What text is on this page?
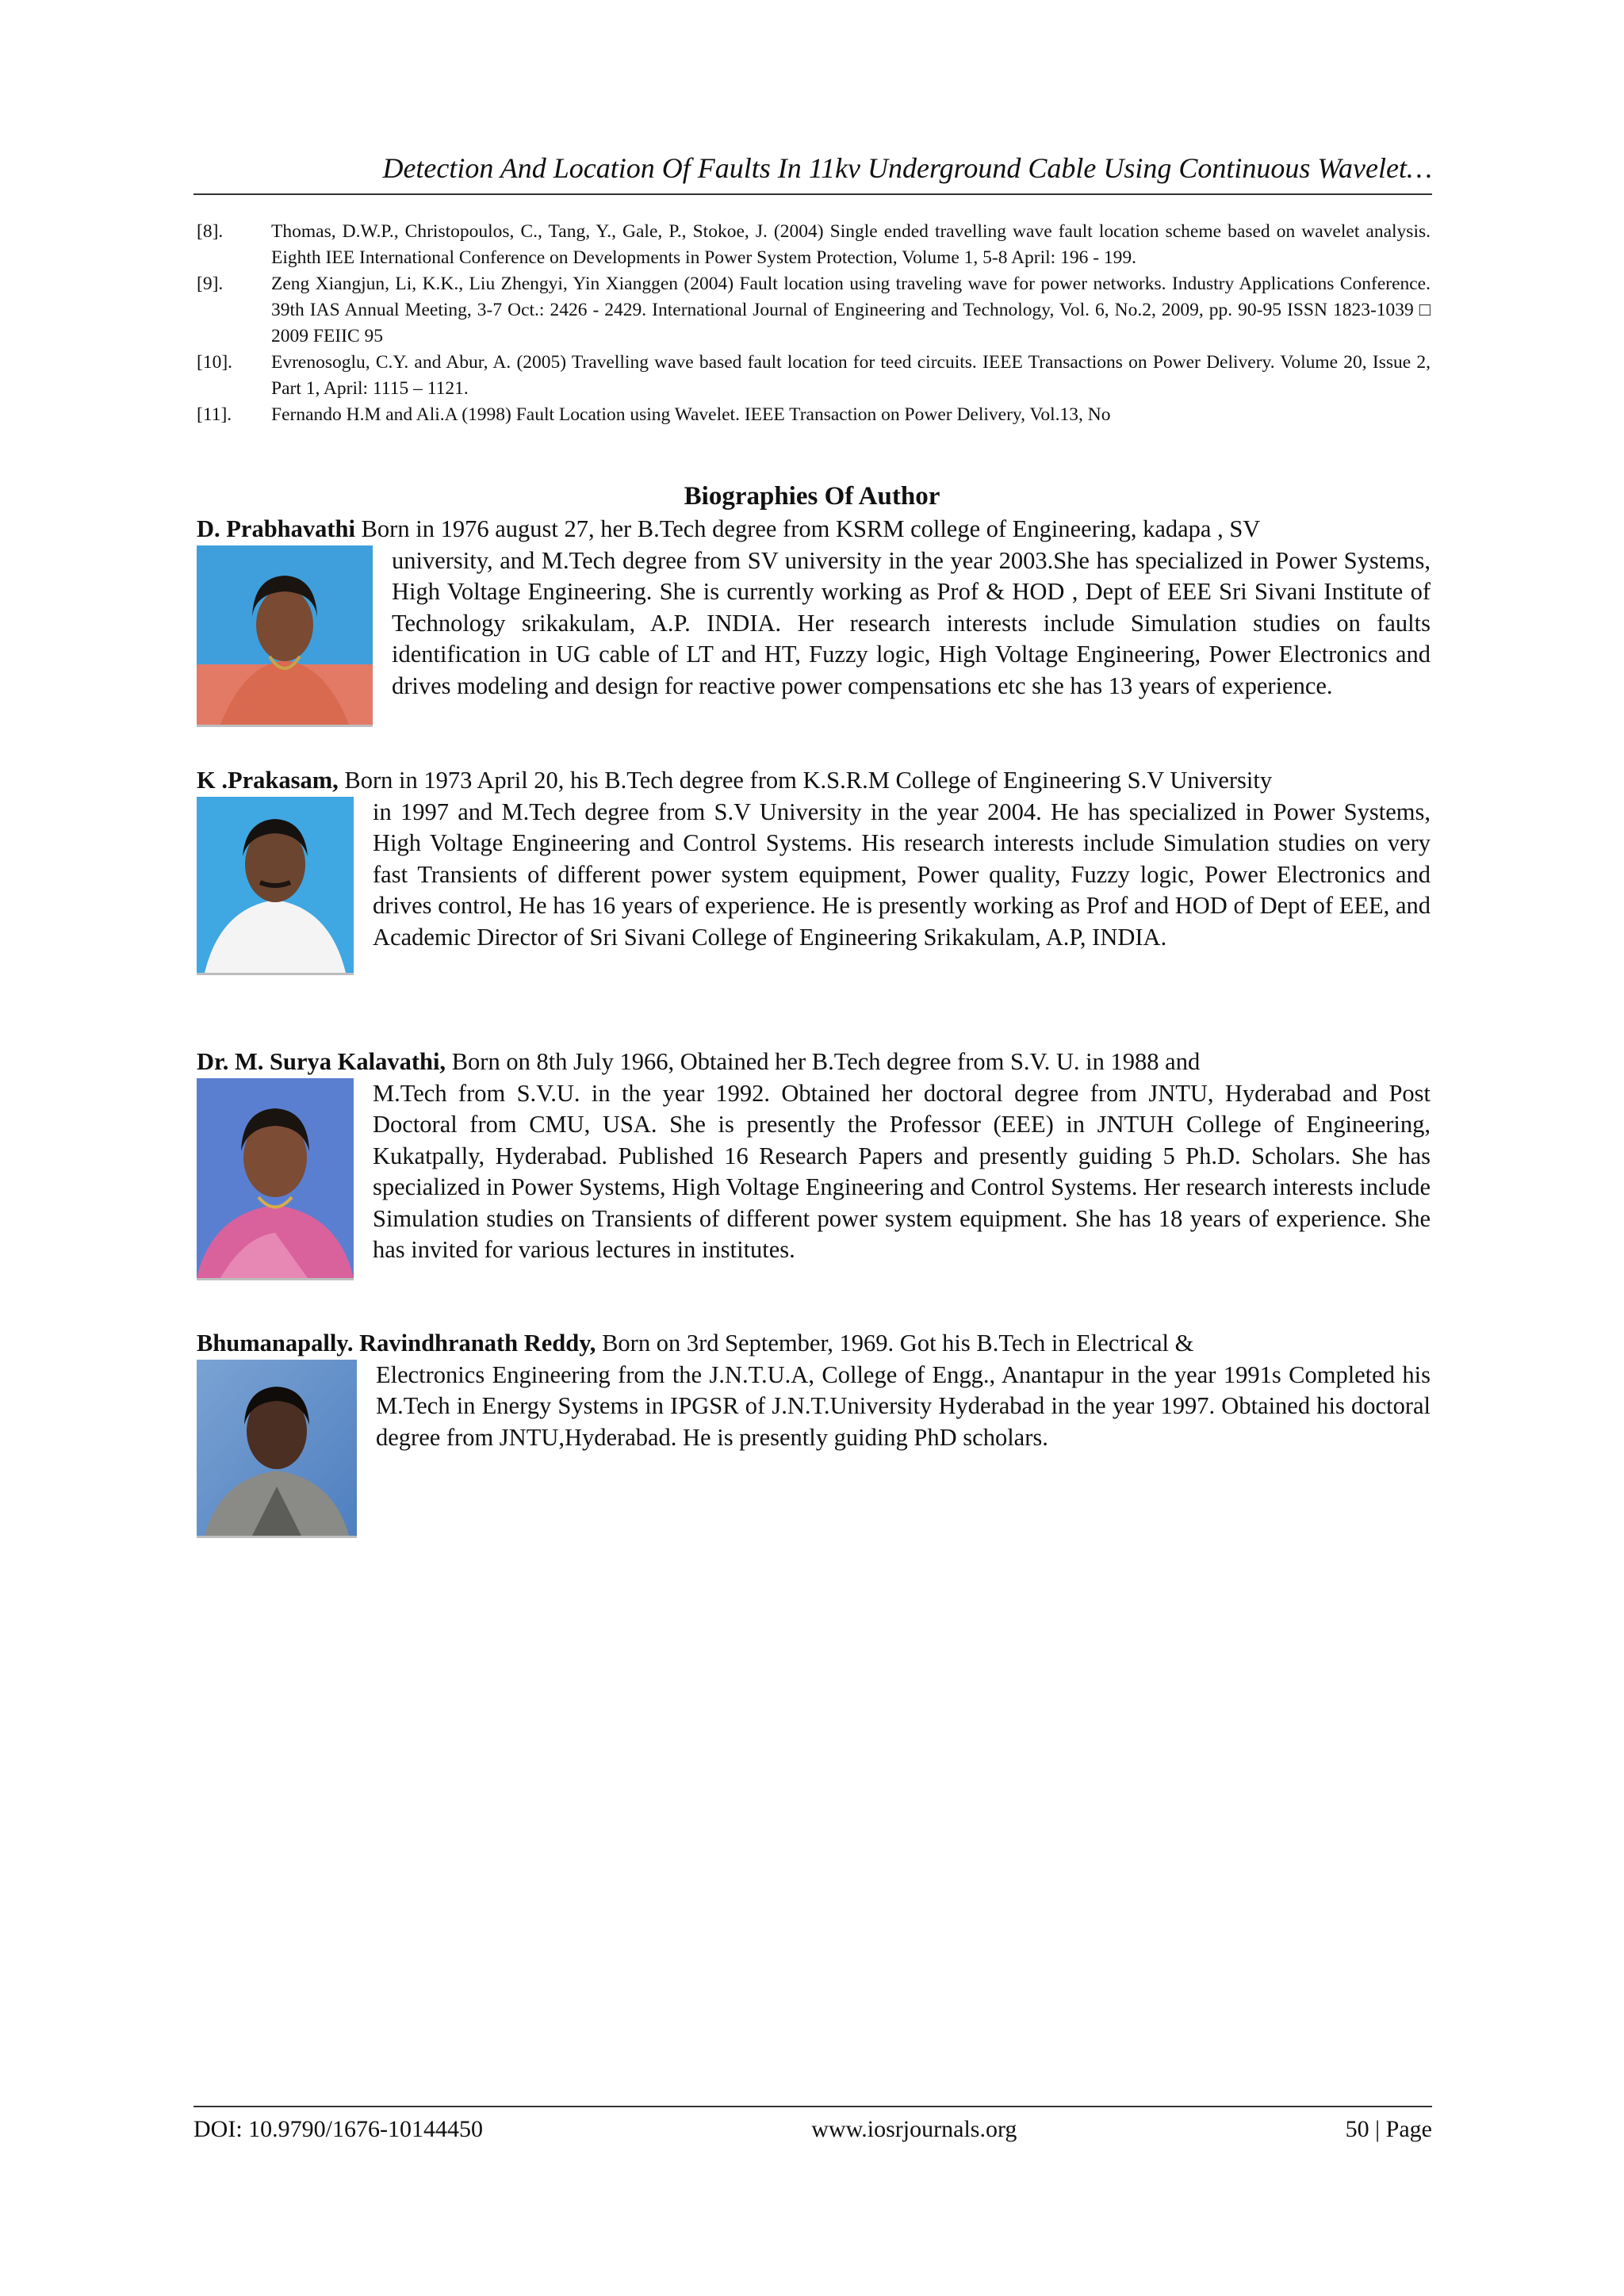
Detection And Location Of Faults In 11kv Underground Cable Using Continuous Wavelet…

[8].	Thomas, D.W.P., Christopoulos, C., Tang, Y., Gale, P., Stokoe, J. (2004) Single ended travelling wave fault location scheme based on wavelet analysis. Eighth IEE International Conference on Developments in Power System Protection, Volume 1, 5-8 April: 196 - 199.

[9].	Zeng Xiangjun, Li, K.K., Liu Zhengyi, Yin Xianggen (2004) Fault location using traveling wave for power networks. Industry Applications Conference. 39th IAS Annual Meeting, 3-7 Oct.: 2426 - 2429. International Journal of Engineering and Technology, Vol. 6, No.2, 2009, pp. 90-95 ISSN 1823-1039 □ 2009 FEIIC 95

[10]. Evrenosoglu, C.Y. and Abur, A. (2005) Travelling wave based fault location for teed circuits. IEEE Transactions on Power Delivery. Volume 20, Issue 2, Part 1, April: 1115 – 1121.

[11]. Fernando H.M and Ali.A (1998) Fault Location using Wavelet. IEEE Transaction on Power Delivery, Vol.13, No

Biographies Of Author
D. Prabhavathi Born in 1976 august 27, her B.Tech degree from KSRM college of Engineering, kadapa , SV
university, and M.Tech degree from SV university in the year 2003.She has specialized in Power Systems, High Voltage Engineering. She is currently working as Prof & HOD , Dept of EEE Sri Sivani Institute of Technology srikakulam, A.P. INDIA. Her research interests include Simulation studies on faults identification in UG cable of LT and HT, Fuzzy logic, High Voltage Engineering, Power Electronics and drives modeling and design for reactive power compensations etc she has 13 years of experience.
K .Prakasam, Born in 1973 April 20, his B.Tech degree from K.S.R.M College of Engineering S.V University
in 1997 and M.Tech degree from S.V University in the year 2004. He has specialized in Power Systems, High Voltage Engineering and Control Systems. His research interests include Simulation studies on very fast Transients of different power system equipment, Power quality, Fuzzy logic, Power Electronics and drives control, He has 16 years of experience. He is presently working as Prof and HOD of Dept of EEE, and Academic Director of Sri Sivani College of Engineering Srikakulam, A.P, INDIA.
Dr. M. Surya Kalavathi, Born on 8th July 1966, Obtained her B.Tech degree from S.V. U. in 1988 and
M.Tech from S.V.U. in the year 1992. Obtained her doctoral degree from JNTU, Hyderabad and Post Doctoral from CMU, USA. She is presently the Professor (EEE) in JNTUH College of Engineering, Kukatpally, Hyderabad. Published 16 Research Papers and presently guiding 5 Ph.D. Scholars. She has specialized in Power Systems, High Voltage Engineering and Control Systems. Her research interests include Simulation studies on Transients of different power system equipment. She has 18 years of experience. She has invited for various lectures in institutes.
Bhumanapally. Ravindhranath Reddy, Born on 3rd September, 1969. Got his B.Tech in Electrical &
Electronics Engineering from the J.N.T.U.A, College of Engg., Anantapur in the year 1991s Completed his M.Tech in Energy Systems in IPGSR of J.N.T.University Hyderabad in the year 1997. Obtained his doctoral degree from JNTU,Hyderabad. He is presently guiding PhD scholars.
DOI: 10.9790/1676-10144450	www.iosrjournals.org	50 | Page
